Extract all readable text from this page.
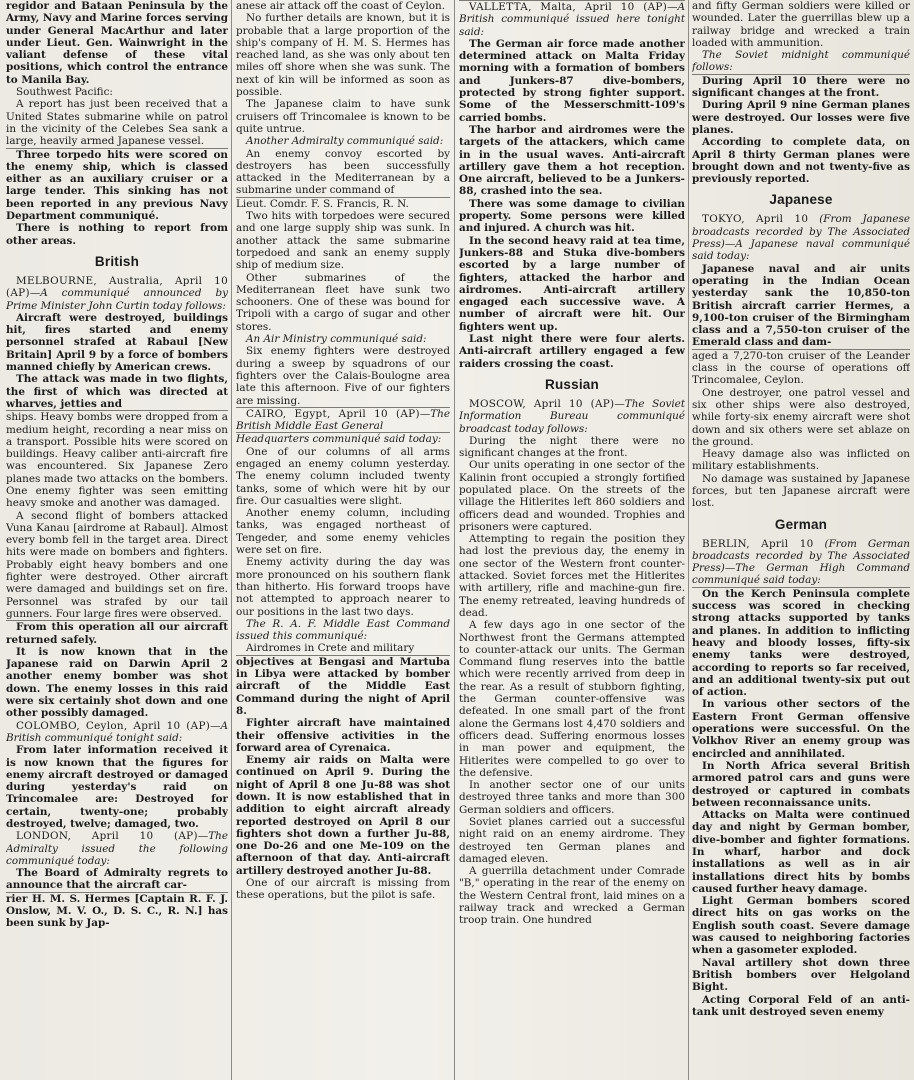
regidor and Bataan Peninsula by the Army, Navy and Marine forces serving under General MacArthur and later under Lieut. Gen. Wainwright in the valiant defense of these vital positions, which control the entrance to Manila Bay.

Southwest Pacific:

A report has just been received that a United States submarine while on patrol in the vicinity of the Celebes Sea sank a large, heavily armed Japanese vessel.

Three torpedo hits were scored on the enemy ship, which is classed either as an auxiliary cruiser or a large tender. This sinking has not been reported in any previous Navy Department communiqué.

There is nothing to report from other areas.

British
MELBOURNE, Australia, April 10 (AP)—A communiqué announced by Prime Minister John Curtin today follows:

Aircraft were destroyed, buildings hit, fires started and enemy personnel strafed at Rabaul [New Britain] April 9 by a force of bombers manned chiefly by American crews.

The attack was made in two flights, the first of which was directed at wharves, jetties and

ships. Heavy bombs were dropped from a medium height, recording a near miss on a transport. Possible hits were scored on buildings. Heavy caliber anti-aircraft fire was encountered. Six Japanese Zero planes made two attacks on the bombers. One enemy fighter was seen emitting heavy smoke and another was damaged.

A second flight of bombers attacked Vuna Kanau [airdrome at Rabaul]. Almost every bomb fell in the target area. Direct hits were made on bombers and fighters. Probably eight heavy bombers and one fighter were destroyed. Other aircraft were damaged and buildings set on fire. Personnel was strafed by our tail gunners. Four large fires were observed.

From this operation all our aircraft returned safely.

It is now known that in the Japanese raid on Darwin April 2 another enemy bomber was shot down. The enemy losses in this raid were six certainly shot down and one other possibly damaged.

COLOMBO, Ceylon, April 10 (AP)—A British communiqué tonight said:

From later information received it is now known that the figures for enemy aircraft destroyed or damaged during yesterday's raid on Trincomalee are: Destroyed for certain, twenty-one; probably destroyed, twelve; damaged, two.

LONDON, April 10 (AP)—The Admiralty issued the following communiqué today:

The Board of Admiralty regrets to announce that the aircraft car-

rier H. M. S. Hermes [Captain R. F. J. Onslow, M. V. O., D. S. C., R. N.] has been sunk by Jap-

anese air attack off the coast of Ceylon.

No further details are known, but it is probable that a large proportion of the ship's company of H. M. S. Hermes has reached land, as she was only about ten miles off shore when she was sunk. The next of kin will be informed as soon as possible.

The Japanese claim to have sunk cruisers off Trincomalee is known to be quite untrue.

Another Admiralty communiqué said:

An enemy convoy escorted by destroyers has been successfully attacked in the Mediterranean by a submarine under command of

Lieut. Comdr. F. S. Francis, R. N.

Two hits with torpedoes were secured and one large supply ship was sunk. In another attack the same submarine torpedoed and sank an enemy supply ship of medium size.

Other submarines of the Mediterranean fleet have sunk two schooners. One of these was bound for Tripoli with a cargo of sugar and other stores.

An Air Ministry communiqué said:

Six enemy fighters were destroyed during a sweep by squadrons of our fighters over the Calais-Boulogne area late this afternoon. Five of our fighters are missing.

CAIRO, Egypt, April 10 (AP)—The British Middle East General
Headquarters communiqué said today:

One of our columns of all arms engaged an enemy column yesterday. The enemy column included twenty tanks, some of which were hit by our fire. Our casualties were slight.

Another enemy column, including tanks, was engaged northeast of Tengeder, and some enemy vehicles were set on fire.

Enemy activity during the day was more pronounced on his southern flank than hitherto. His forward troops have not attempted to approach nearer to our positions in the last two days.

The R. A. F. Middle East Command issued this communiqué:

Airdromes in Crete and military

objectives at Bengasi and Martuba in Libya were attacked by bomber aircraft of the Middle East Command during the night of April 8.

Fighter aircraft have maintained their offensive activities in the forward area of Cyrenaica.

Enemy air raids on Malta were continued on April 9. During the night of April 8 one Ju-88 was shot down. It is now established that in addition to eight aircraft already reported destroyed on April 8 our fighters shot down a further Ju-88, one Do-26 and one Me-109 on the afternoon of that day. Anti-aircraft artillery destroyed another Ju-88.

One of our aircraft is missing from these operations, but the pilot is safe.

VALLETTA, Malta, April 10 (AP)—A British communiqué issued here tonight said:

The German air force made another determined attack on Malta Friday morning with a formation of bombers and Junkers-87 dive-bombers, protected by strong fighter support. Some of the Messerschmitt-109's carried bombs.

The harbor and airdromes were the targets of the attackers, which came in in the usual waves. Anti-aircraft artillery gave them a hot reception. One aircraft, believed to be a Junkers-88, crashed into the sea.

There was some damage to civilian property. Some persons were killed and injured. A church was hit.

In the second heavy raid at tea time, Junkers-88 and Stuka dive-bombers escorted by a large number of fighters, attacked the harbor and airdromes. Anti-aircraft artillery engaged each successive wave. A number of aircraft were hit. Our fighters went up.

Last night there were four alerts. Anti-aircraft artillery engaged a few raiders crossing the coast.

Russian
MOSCOW, April 10 (AP)—The Soviet Information Bureau communiqué broadcast today follows:

During the night there were no significant changes at the front.

Our units operating in one sector of the Kalinin front occupied a strongly fortified populated place. On the streets of the village the Hitlerites left 860 soldiers and officers dead and wounded. Trophies and prisoners were captured.

Attempting to regain the position they had lost the previous day, the enemy in one sector of the Western front counter-attacked. Soviet forces met the Hitlerites with artillery, rifle and machine-gun fire. The enemy retreated, leaving hundreds of dead.

A few days ago in one sector of the Northwest front the Germans attempted to counter-attack our units. The German Command flung reserves into the battle which were recently arrived from deep in the rear. As a result of stubborn fighting, the German counter-offensive was defeated. In one small part of the front alone the Germans lost 4,470 soldiers and officers dead. Suffering enormous losses in man power and equipment, the Hitlerites were compelled to go over to the defensive.

In another sector one of our units destroyed three tanks and more than 300 German soldiers and officers.

Soviet planes carried out a successful night raid on an enemy airdrome. They destroyed ten German planes and damaged eleven.

A guerrilla detachment under Comrade "B," operating in the rear of the enemy on the Western Central front, laid mines on a railway track and wrecked a German troop train. One hundred

and fifty German soldiers were killed or wounded. Later the guerrillas blew up a railway bridge and wrecked a train loaded with ammunition.

The Soviet midnight communiqué follows:

During April 10 there were no significant changes at the front.

During April 9 nine German planes were destroyed. Our losses were five planes.

According to complete data, on April 8 thirty German planes were brought down and not twenty-five as previously reported.

Japanese
TOKYO, April 10 (From Japanese broadcasts recorded by The Associated Press)—A Japanese naval communiqué said today:

Japanese naval and air units operating in the Indian Ocean yesterday sank the 10,850-ton British aircraft carrier Hermes, a 9,100-ton cruiser of the Birmingham class and a 7,550-ton cruiser of the Emerald class and dam-

aged a 7,270-ton cruiser of the Leander class in the course of operations off Trincomalee, Ceylon.

One destroyer, one patrol vessel and six other ships were also destroyed, while forty-six enemy aircraft were shot down and six others were set ablaze on the ground.

Heavy damage also was inflicted on military establishments.

No damage was sustained by Japanese forces, but ten Japanese aircraft were lost.

German
BERLIN, April 10 (From German broadcasts recorded by The Associated Press)—The German High Command communiqué said today:

On the Kerch Peninsula complete success was scored in checking strong attacks supported by tanks and planes. In addition to inflicting heavy and bloody losses, fifty-six enemy tanks were destroyed, according to reports so far received, and an additional twenty-six put out of action.

In various other sectors of the Eastern Front German offensive operations were successful. On the Volkhov River an enemy group was encircled and annihilated.

In North Africa several British armored patrol cars and guns were destroyed or captured in combats between reconnaissance units.

Attacks on Malta were continued day and night by German bomber, dive-bomber and fighter formations. In wharf, harbor and dock installations as well as in air installations direct hits by bombs caused further heavy damage.

Light German bombers scored direct hits on gas works on the English south coast. Severe damage was caused to neighboring factories when a gasometer exploded.

Naval artillery shot down three British bombers over Helgoland Bight.

Acting Corporal Feld of an anti-tank unit destroyed seven enemy
